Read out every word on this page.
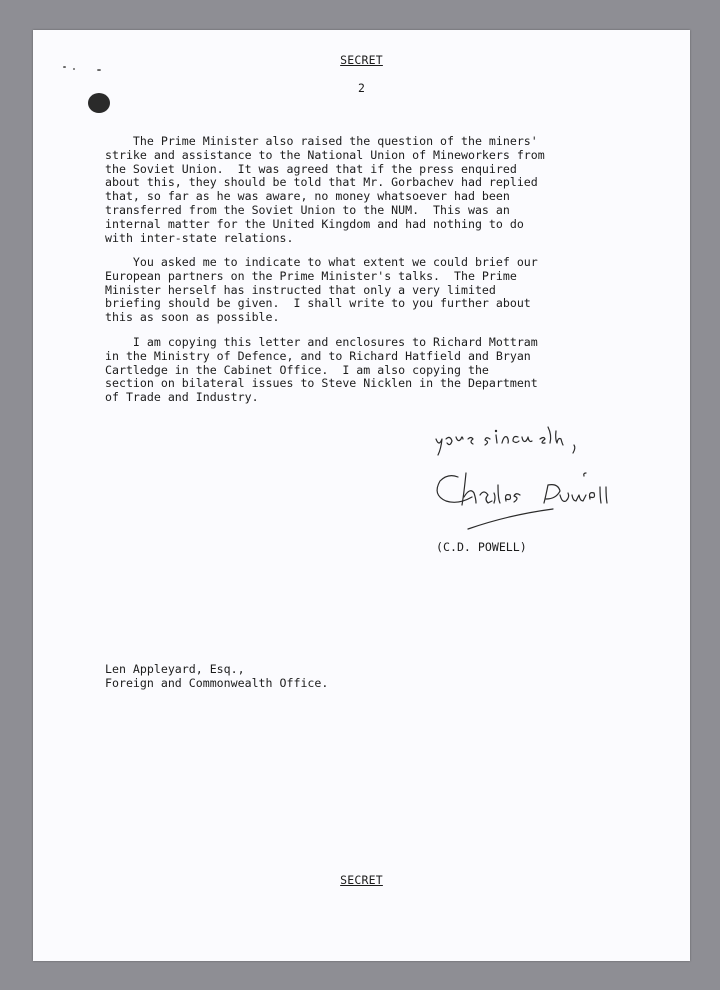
SECRET
2

The Prime Minister also raised the question of the miners'
strike and assistance to the National Union of Mineworkers from
the Soviet Union.  It was agreed that if the press enquired
about this, they should be told that Mr. Gorbachev had replied
that, so far as he was aware, no money whatsoever had been
transferred from the Soviet Union to the NUM.  This was an
internal matter for the United Kingdom and had nothing to do
with inter-state relations.

You asked me to indicate to what extent we could brief our
European partners on the Prime Minister's talks.  The Prime
Minister herself has instructed that only a very limited
briefing should be given.  I shall write to you further about
this as soon as possible.

I am copying this letter and enclosures to Richard Mottram
in the Ministry of Defence, and to Richard Hatfield and Bryan
Cartledge in the Cabinet Office.  I am also copying the
section on bilateral issues to Steve Nicklen in the Department
of Trade and Industry.

(C.D. POWELL)
Len Appleyard, Esq.,
Foreign and Commonwealth Office.
SECRET
